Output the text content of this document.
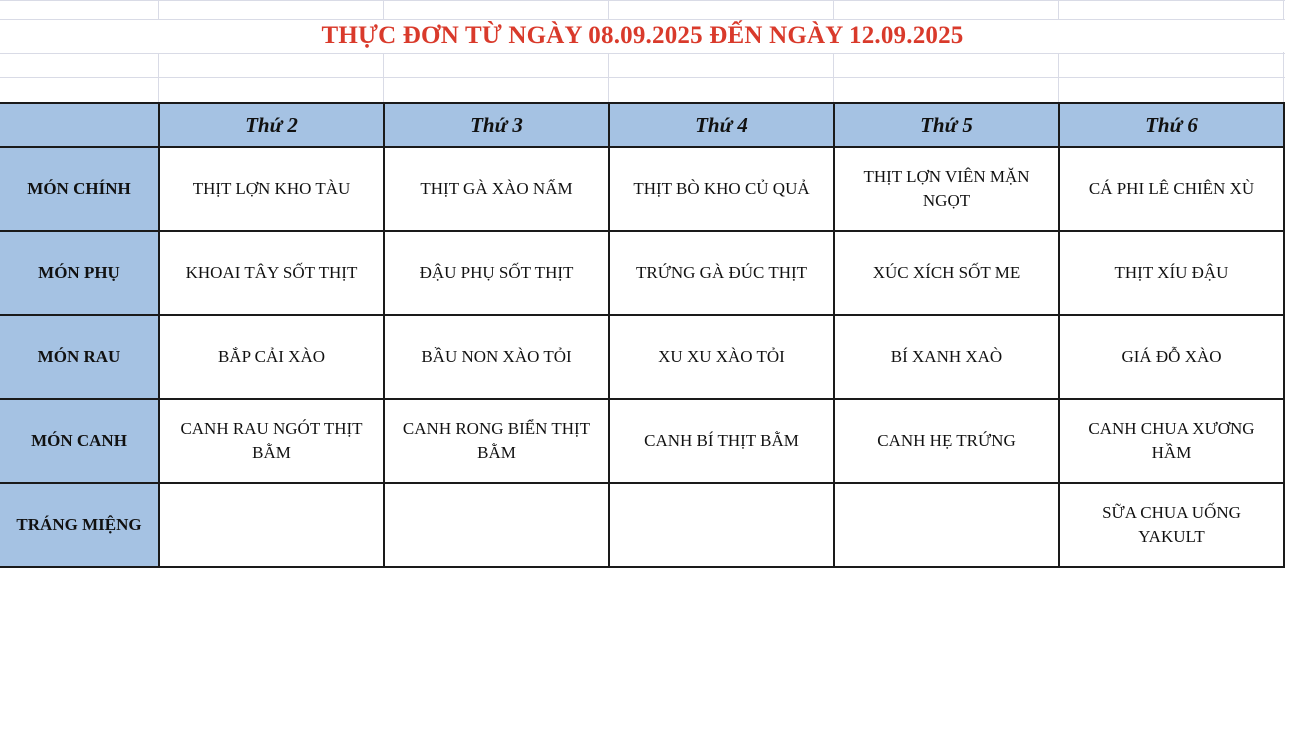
THỰC ĐƠN TỪ NGÀY 08.09.2025 ĐẾN NGÀY 12.09.2025
	Thứ 2	Thứ 3	Thứ 4	Thứ 5	Thứ 6
MÓN CHÍNH	THỊT LỢN KHO TÀU	THỊT GÀ XÀO NẤM	THỊT BÒ KHO CỦ QUẢ	THỊT LỢN VIÊN MẶN NGỌT	CÁ PHI LÊ CHIÊN XÙ
MÓN PHỤ	KHOAI TÂY SỐT THỊT	ĐẬU PHỤ SỐT THỊT	TRỨNG GÀ ĐÚC THỊT	XÚC XÍCH SỐT ME	THỊT XÍU ĐẬU
MÓN RAU	BẮP CẢI XÀO	BẦU NON XÀO TỎI	XU XU XÀO TỎI	BÍ XANH XAÒ	GIÁ ĐỖ XÀO
MÓN CANH	CANH RAU NGÓT THỊT BẰM	CANH RONG BIỂN THỊT BẰM	CANH BÍ THỊT BẰM	CANH HẸ TRỨNG	CANH CHUA XƯƠNG HẦM
TRÁNG MIỆNG					SỮA CHUA UỐNG YAKULT
